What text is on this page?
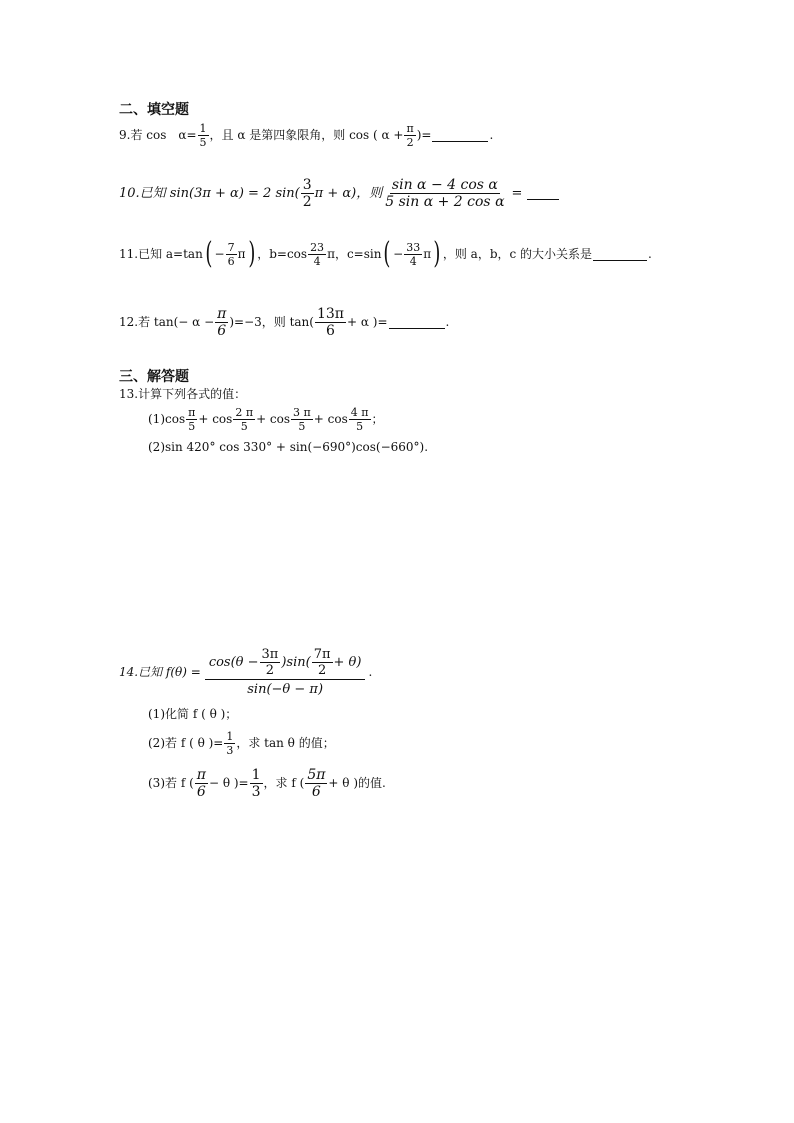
二、填空题
9.若 cos　$\alpha= \frac{1}{5}$ ，且 α 是第四象限角，则 cos ( $\alpha + \frac{\pi}{2}$ )=	.
10.已知 sin(3π + α) = 2 $\sin( \frac{3}{2}$ π + α)，则 $\frac{\text{sin α − 4 cos α}}{\text{5 sin α + 2 cos α}}$ =
11.已知 a=tan ( − $\frac{7}{6}$ π ) ，$b=\cos \frac{23}{4}$ π，c=sin ( − $\frac{33}{4}$ π ) ，则 a，b，c 的大小关系是	.
12.若 $\tan(- \alpha - \frac{\pi}{6} )=-3$，则 $\tan( \frac{13\pi}{6} + \alpha$ )=	.
三、解答题
13.计算下列各式的值：
$(1)\cos \frac{\pi}{5} + \cos \frac{2 \pi}{5} + \cos \frac{3 \pi}{5} + \cos \frac{4 \pi}{5}$ ；
(2)sin 420° cos 330° + sin(−690°)cos(−660°).
14.已知 f(θ) =
$\cos(\theta - \frac{3\pi}{2} )\sin( \frac{7\pi}{2} + \theta)$
sin(−θ − π)
.
(1)化简 f ( θ )；
(2)若 f ( θ )= $\frac{1}{3}$ ，求 tan θ 的值；
(3)若 f ( $\frac{\pi}{6} - \theta$ )= $\frac{1}{3}$ ，求 f ( $\frac{5\pi}{6} + \theta$ )的值.
